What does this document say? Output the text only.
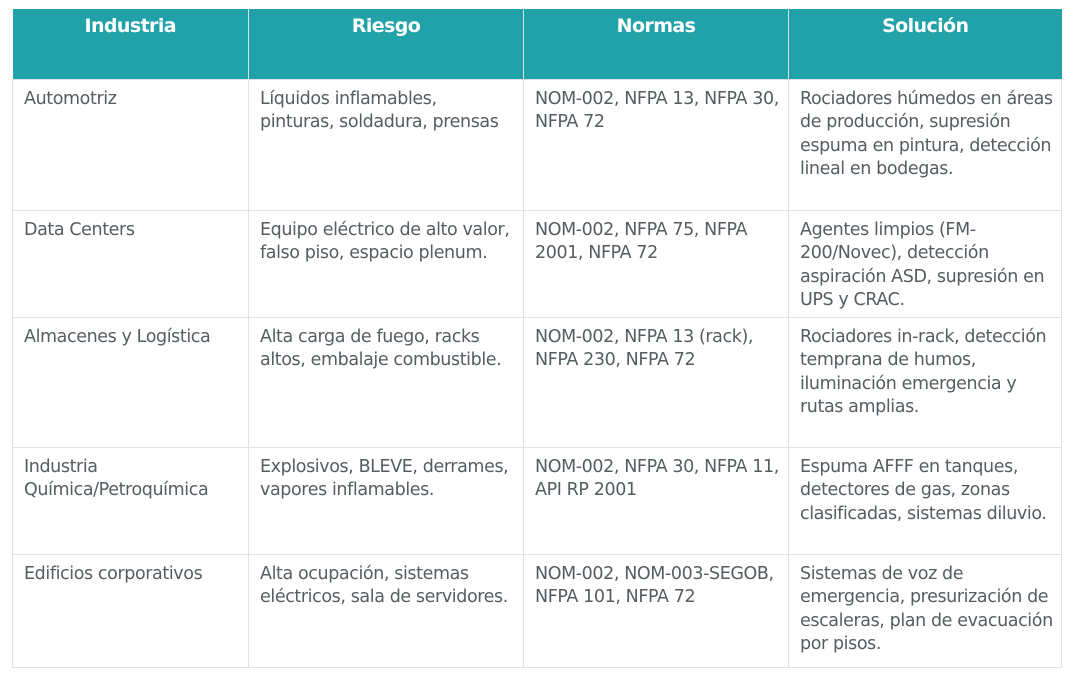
Industria	Riesgo	Normas	Solución
Automotriz	Líquidos inflamables, pinturas, soldadura, prensas	NOM-002, NFPA 13, NFPA 30, NFPA 72	Rociadores húmedos en áreas de producción, supresión espuma en pintura, detección lineal en bodegas.
Data Centers	Equipo eléctrico de alto valor, falso piso, espacio plenum.	NOM-002, NFPA 75, NFPA 2001, NFPA 72	Agentes limpios (FM-200/Novec), detección aspiración ASD, supresión en UPS y CRAC.
Almacenes y Logística	Alta carga de fuego, racks altos, embalaje combustible.	NOM-002, NFPA 13 (rack), NFPA 230, NFPA 72	Rociadores in-rack, detección temprana de humos, iluminación emergencia y rutas amplias.
Industria Química/Petroquímica	Explosivos, BLEVE, derrames, vapores inflamables.	NOM-002, NFPA 30, NFPA 11, API RP 2001	Espuma AFFF en tanques, detectores de gas, zonas clasificadas, sistemas diluvio.
Edificios corporativos	Alta ocupación, sistemas eléctricos, sala de servidores.	NOM-002, NOM-003-SEGOB, NFPA 101, NFPA 72	Sistemas de voz de emergencia, presurización de escaleras, plan de evacuación por pisos.
